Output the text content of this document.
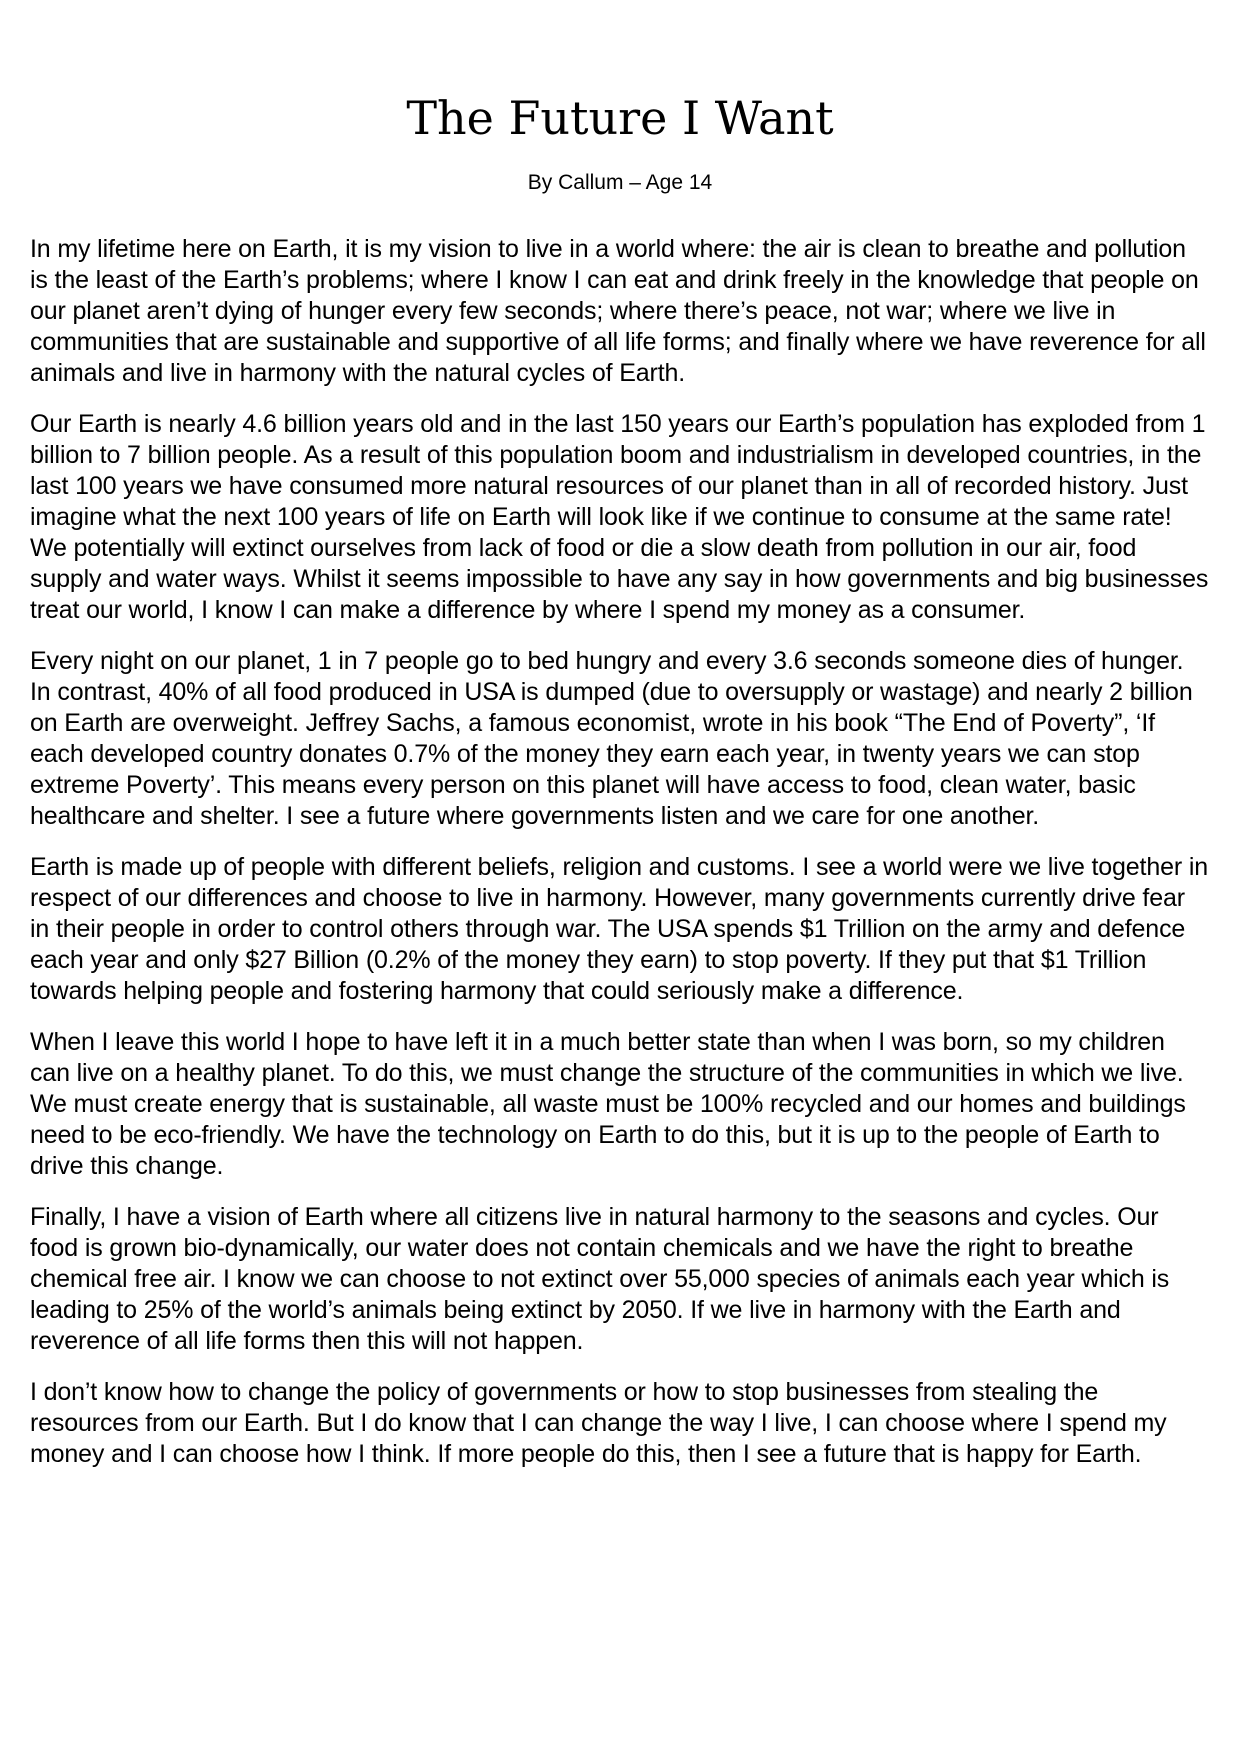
The Future I Want

By Callum – Age 14

In my lifetime here on Earth, it is my vision to live in a world where: the air is clean to breathe and pollution is the least of the Earth’s problems; where I know I can eat and drink freely in the knowledge that people on our planet aren’t dying of hunger every few seconds; where there’s peace, not war; where we live in communities that are sustainable and supportive of all life forms; and finally where we have reverence for all animals and live in harmony with the natural cycles of Earth.

Our Earth is nearly 4.6 billion years old and in the last 150 years our Earth’s population has exploded from 1 billion to 7 billion people. As a result of this population boom and industrialism in developed countries, in the last 100 years we have consumed more natural resources of our planet than in all of recorded history. Just imagine what the next 100 years of life on Earth will look like if we continue to consume at the same rate! We potentially will extinct ourselves from lack of food or die a slow death from pollution in our air, food supply and water ways. Whilst it seems impossible to have any say in how governments and big businesses treat our world, I know I can make a difference by where I spend my money as a consumer.

Every night on our planet, 1 in 7 people go to bed hungry and every 3.6 seconds someone dies of hunger. In contrast, 40% of all food produced in USA is dumped (due to oversupply or wastage) and nearly 2 billion on Earth are overweight. Jeffrey Sachs, a famous economist, wrote in his book “The End of Poverty”, ‘If each developed country donates 0.7% of the money they earn each year, in twenty years we can stop extreme Poverty’. This means every person on this planet will have access to food, clean water, basic healthcare and shelter. I see a future where governments listen and we care for one another.

Earth is made up of people with different beliefs, religion and customs. I see a world were we live together in respect of our differences and choose to live in harmony. However, many governments currently drive fear in their people in order to control others through war. The USA spends $1 Trillion on the army and defence each year and only $27 Billion (0.2% of the money they earn) to stop poverty. If they put that $1 Trillion towards helping people and fostering harmony that could seriously make a difference.

When I leave this world I hope to have left it in a much better state than when I was born, so my children can live on a healthy planet. To do this, we must change the structure of the communities in which we live. We must create energy that is sustainable, all waste must be 100% recycled and our homes and buildings need to be eco-friendly. We have the technology on Earth to do this, but it is up to the people of Earth to drive this change.

Finally, I have a vision of Earth where all citizens live in natural harmony to the seasons and cycles. Our food is grown bio-dynamically, our water does not contain chemicals and we have the right to breathe chemical free air. I know we can choose to not extinct over 55,000 species of animals each year which is leading to 25% of the world’s animals being extinct by 2050. If we live in harmony with the Earth and reverence of all life forms then this will not happen.

I don’t know how to change the policy of governments or how to stop businesses from stealing the resources from our Earth. But I do know that I can change the way I live, I can choose where I spend my money and I can choose how I think. If more people do this, then I see a future that is happy for Earth.
